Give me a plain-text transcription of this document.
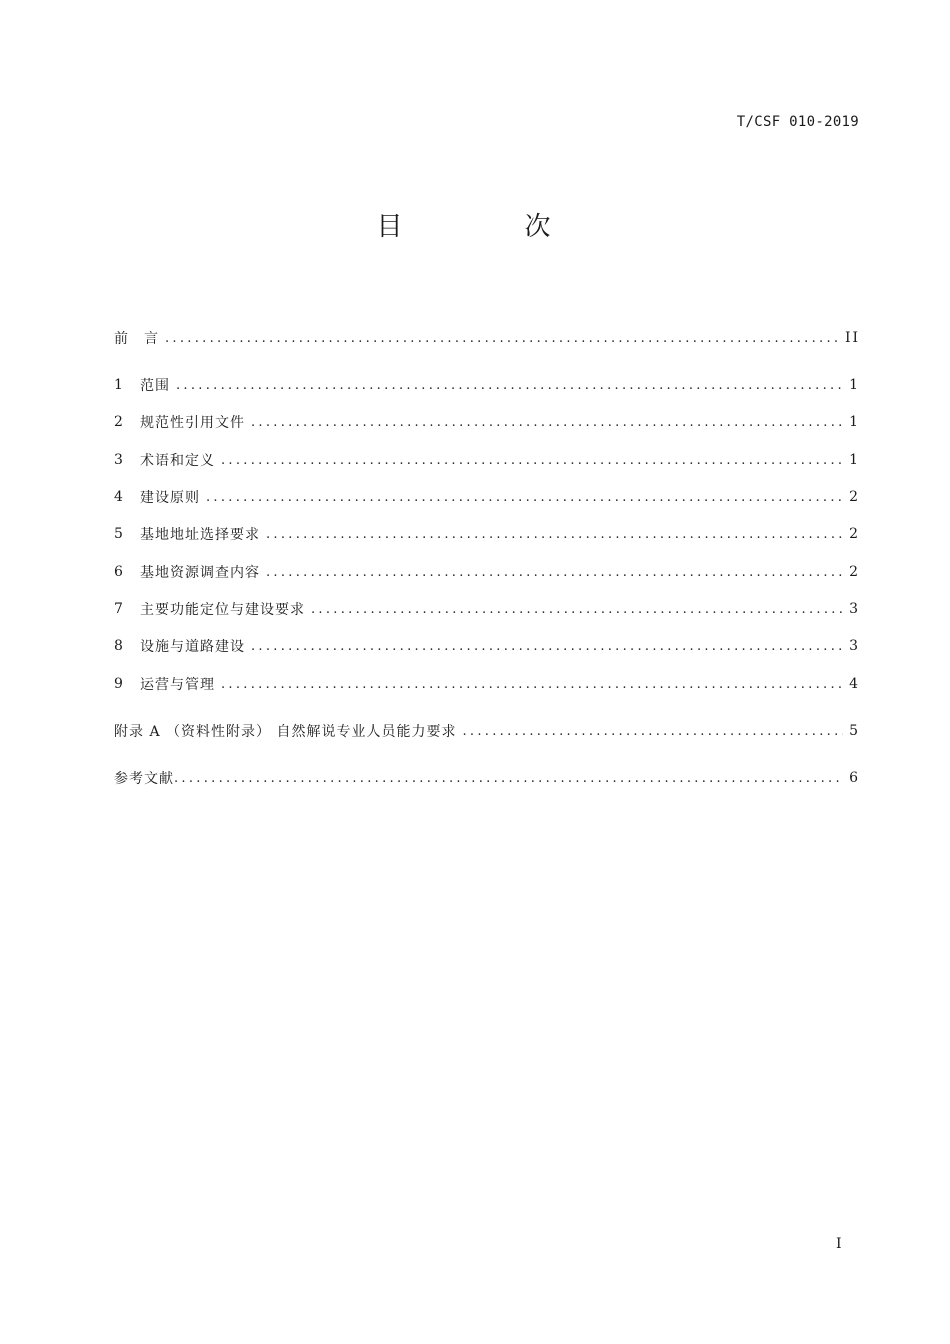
T/CSF 010-2019
目　次
前　言 .....	II
1	范围 .....	1
2	规范性引用文件 .....	1
3	术语和定义 .....	1
4	建设原则 .....	2
5	基地地址选择要求 .....	2
6	基地资源调查内容 .....	2
7	主要功能定位与建设要求 .....	3
8	设施与道路建设 .....	3
9	运营与管理 .....	4
附录 A （资料性附录） 自然解说专业人员能力要求 .....	5
参考文献 .....	6
I
